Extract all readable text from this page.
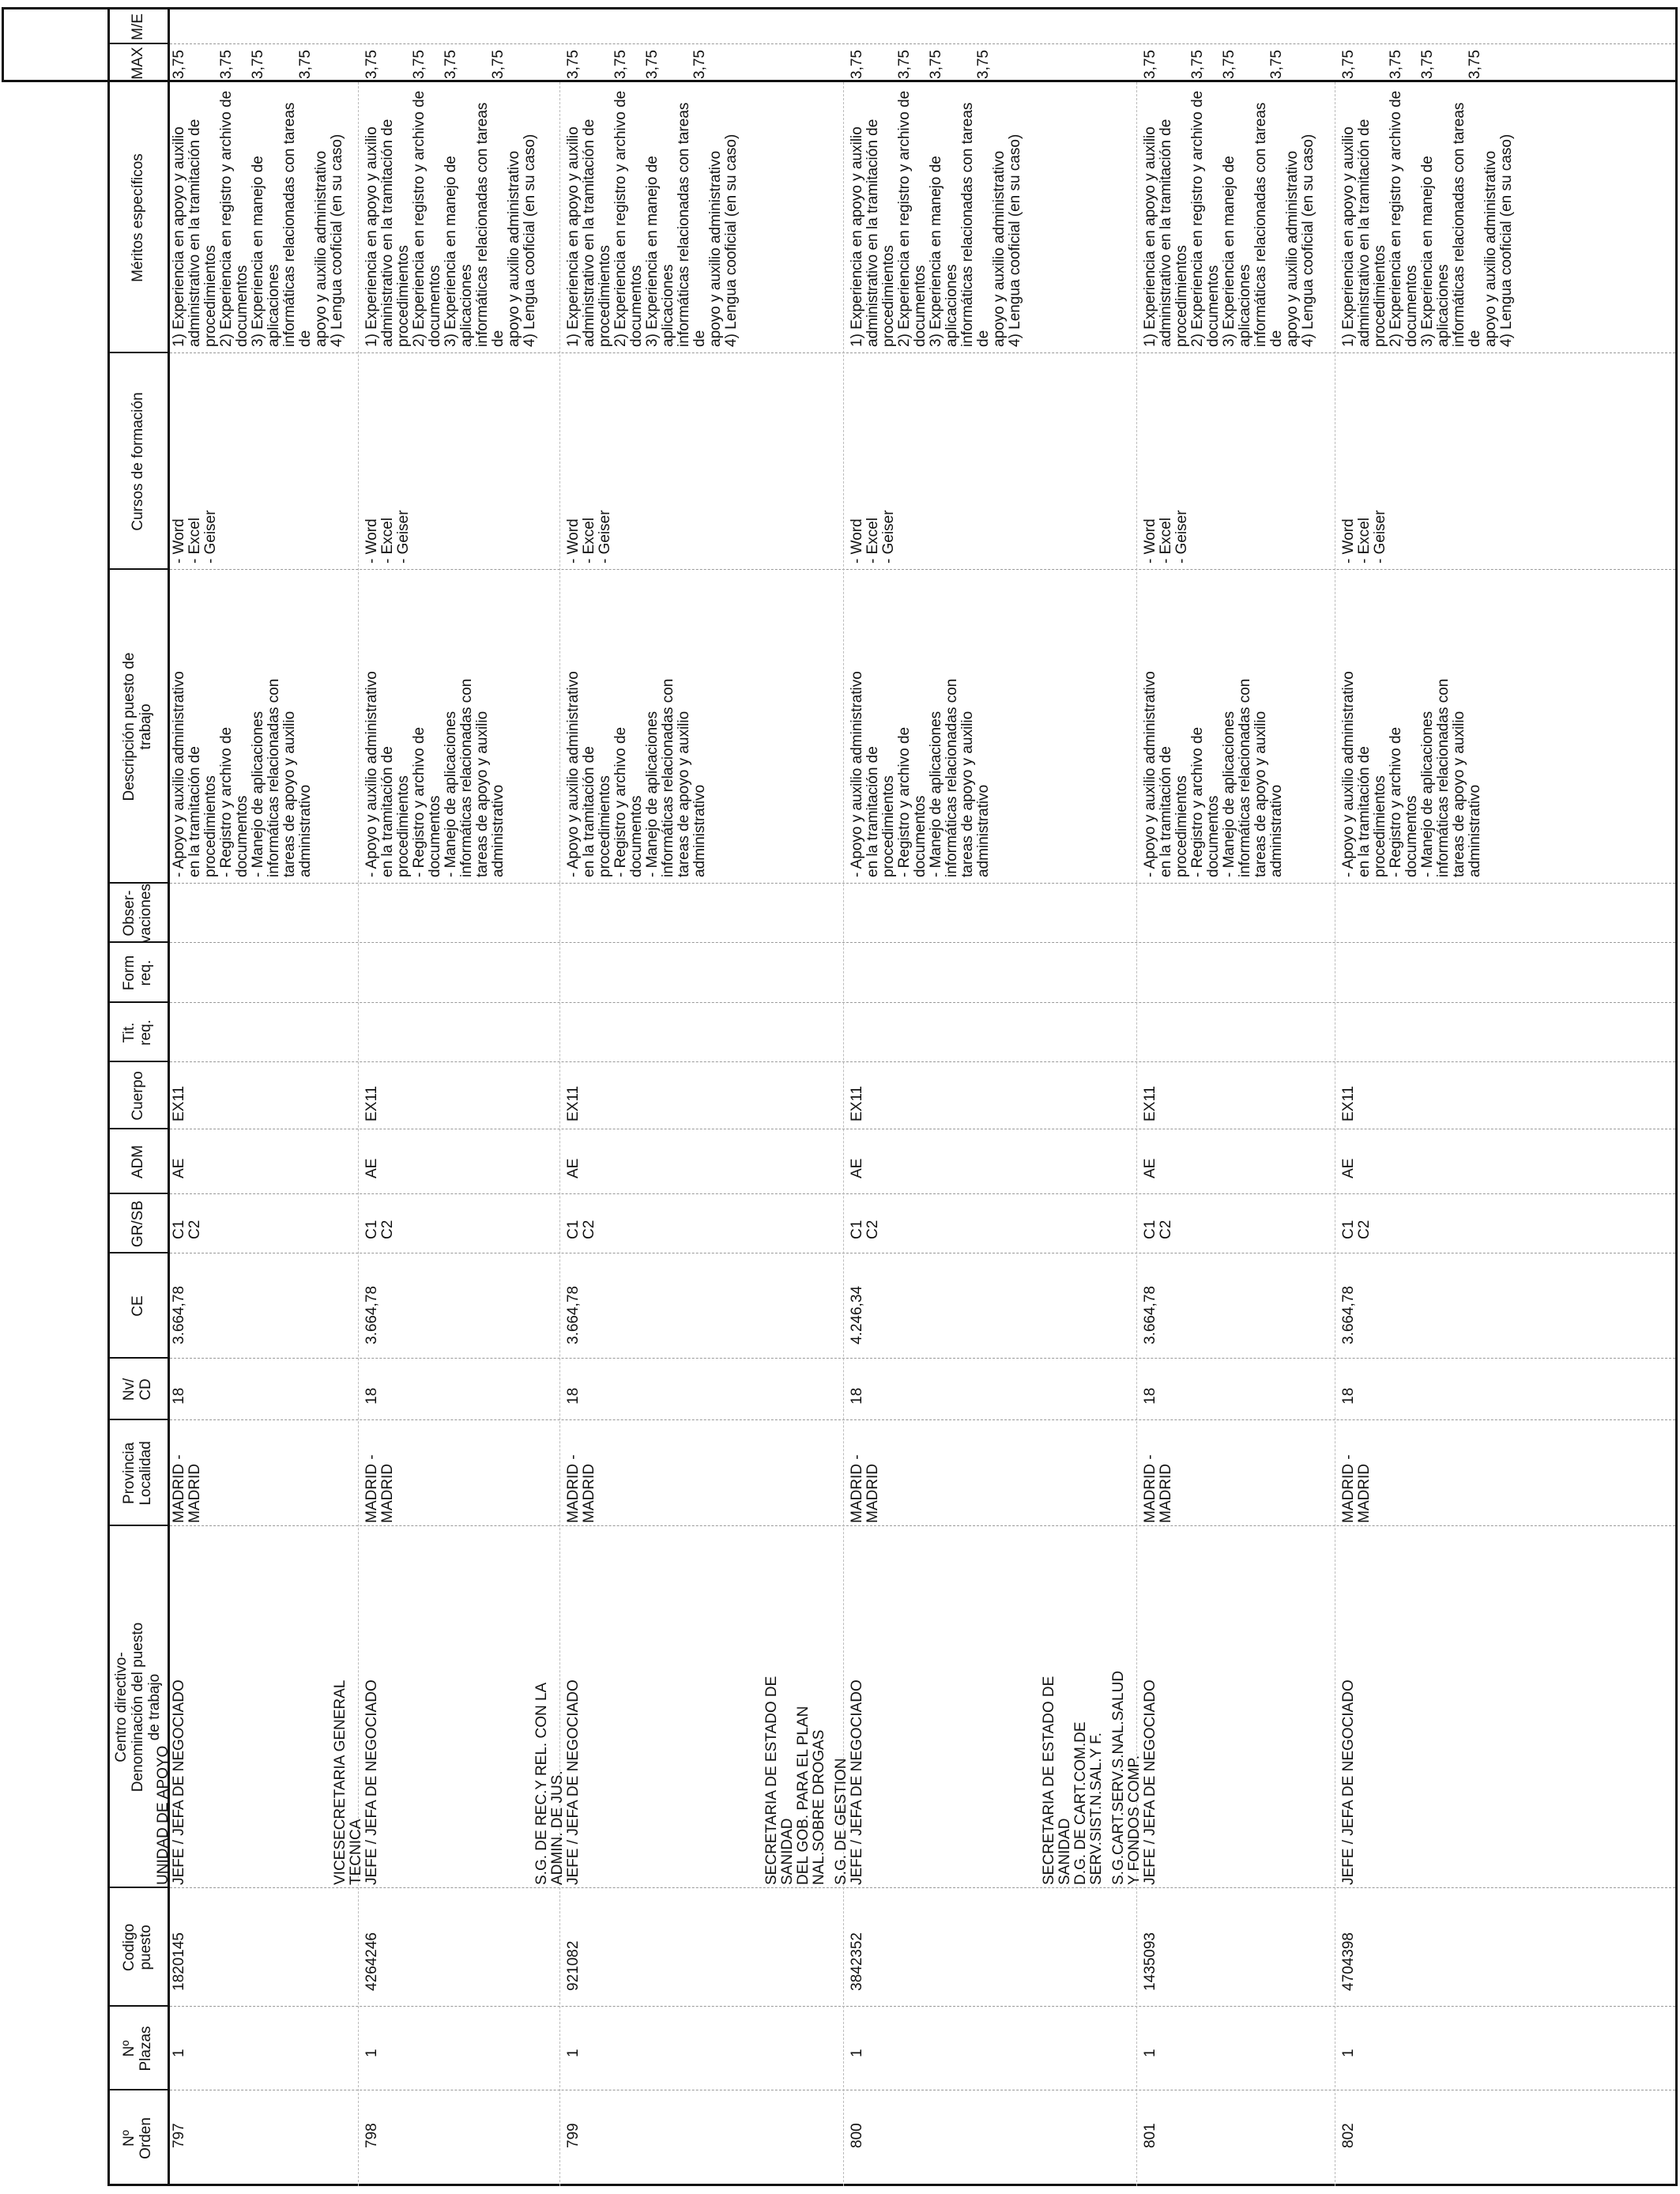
Nº
Orden
Nº
Plazas
Codigo
puesto
Centro directivo-
Denominación del puesto
de trabajo
Provincia
Localidad
Nv/
CD
CE
GR/SB
ADM
Cuerpo
Tit.
req.
Form
req.
Obser-
vaciones
Descripción puesto de
trabajo
Cursos de formación
Méritos específicos
MAX
M/E
797
1
1820145
UNIDAD DE APOYO JEFE / JEFA DE NEGOCIADO
MADRID -
MADRID
18
3.664,78
C1
C2
AE
EX11
- Apoyo y auxilio administrativo
en la tramitación de
procedimientos
- Registro y archivo de
documentos
- Manejo de aplicaciones
informáticas relacionadas con
tareas de apoyo y auxilio
administrativo
- Word
- Excel
- Geiser
1) Experiencia en apoyo y auxilio
administrativo en la tramitación de
procedimientos
2) Experiencia en registro y archivo de
documentos
3) Experiencia en manejo de aplicaciones
informáticas relacionadas con tareas de
apoyo y auxilio administrativo
4) Lengua cooficial (en su caso)
3,75 3,75 3,75 3,75
798
1
4264246
VICESECRETARIA GENERAL
TECNICA JEFE / JEFA DE NEGOCIADO
MADRID -
MADRID
18
3.664,78
C1
C2
AE
EX11
- Apoyo y auxilio administrativo
en la tramitación de
procedimientos
- Registro y archivo de
documentos
- Manejo de aplicaciones
informáticas relacionadas con
tareas de apoyo y auxilio
administrativo
- Word
- Excel
- Geiser
1) Experiencia en apoyo y auxilio
administrativo en la tramitación de
procedimientos
2) Experiencia en registro y archivo de
documentos
3) Experiencia en manejo de aplicaciones
informáticas relacionadas con tareas de
apoyo y auxilio administrativo
4) Lengua cooficial (en su caso)
3,75 3,75 3,75 3,75
799
1
921082
S.G. DE REC.Y REL. CON LA
ADMIN. DE JUS. JEFE / JEFA DE NEGOCIADO
MADRID -
MADRID
18
3.664,78
C1
C2
AE
EX11
- Apoyo y auxilio administrativo
en la tramitación de
procedimientos
- Registro y archivo de
documentos
- Manejo de aplicaciones
informáticas relacionadas con
tareas de apoyo y auxilio
administrativo
- Word
- Excel
- Geiser
1) Experiencia en apoyo y auxilio
administrativo en la tramitación de
procedimientos
2) Experiencia en registro y archivo de
documentos
3) Experiencia en manejo de aplicaciones
informáticas relacionadas con tareas de
apoyo y auxilio administrativo
4) Lengua cooficial (en su caso)
3,75 3,75 3,75 3,75
800
1
3842352
S.G. DE GESTION
SECRETARIA DE ESTADO DE
SANIDAD
DEL GOB. PARA EL PLAN
NAL.SOBRE DROGAS JEFE / JEFA DE NEGOCIADO
MADRID -
MADRID
18
4.246,34
C1
C2
AE
EX11
- Apoyo y auxilio administrativo
en la tramitación de
procedimientos
- Registro y archivo de
documentos
- Manejo de aplicaciones
informáticas relacionadas con
tareas de apoyo y auxilio
administrativo
- Word
- Excel
- Geiser
1) Experiencia en apoyo y auxilio
administrativo en la tramitación de
procedimientos
2) Experiencia en registro y archivo de
documentos
3) Experiencia en manejo de aplicaciones
informáticas relacionadas con tareas de
apoyo y auxilio administrativo
4) Lengua cooficial (en su caso)
3,75 3,75 3,75 3,75
801
1
1435093
S.G.CART.SERV.S.NAL.SALUD
Y FONDOS COMP.
SECRETARIA DE ESTADO DE
SANIDAD
D.G. DE CART.COM.DE
SERV.SIST.N.SAL.Y F. JEFE / JEFA DE NEGOCIADO
MADRID -
MADRID
18
3.664,78
C1
C2
AE
EX11
- Apoyo y auxilio administrativo
en la tramitación de
procedimientos
- Registro y archivo de
documentos
- Manejo de aplicaciones
informáticas relacionadas con
tareas de apoyo y auxilio
administrativo
- Word
- Excel
- Geiser
1) Experiencia en apoyo y auxilio
administrativo en la tramitación de
procedimientos
2) Experiencia en registro y archivo de
documentos
3) Experiencia en manejo de aplicaciones
informáticas relacionadas con tareas de
apoyo y auxilio administrativo
4) Lengua cooficial (en su caso)
3,75 3,75 3,75 3,75
802
1
4704398
JEFE / JEFA DE NEGOCIADO
MADRID -
MADRID
18
3.664,78
C1
C2
AE
EX11
- Apoyo y auxilio administrativo
en la tramitación de
procedimientos
- Registro y archivo de
documentos
- Manejo de aplicaciones
informáticas relacionadas con
tareas de apoyo y auxilio
administrativo
- Word
- Excel
- Geiser
1) Experiencia en apoyo y auxilio
administrativo en la tramitación de
procedimientos
2) Experiencia en registro y archivo de
documentos
3) Experiencia en manejo de aplicaciones
informáticas relacionadas con tareas de
apoyo y auxilio administrativo
4) Lengua cooficial (en su caso)
3,75 3,75 3,75 3,75
